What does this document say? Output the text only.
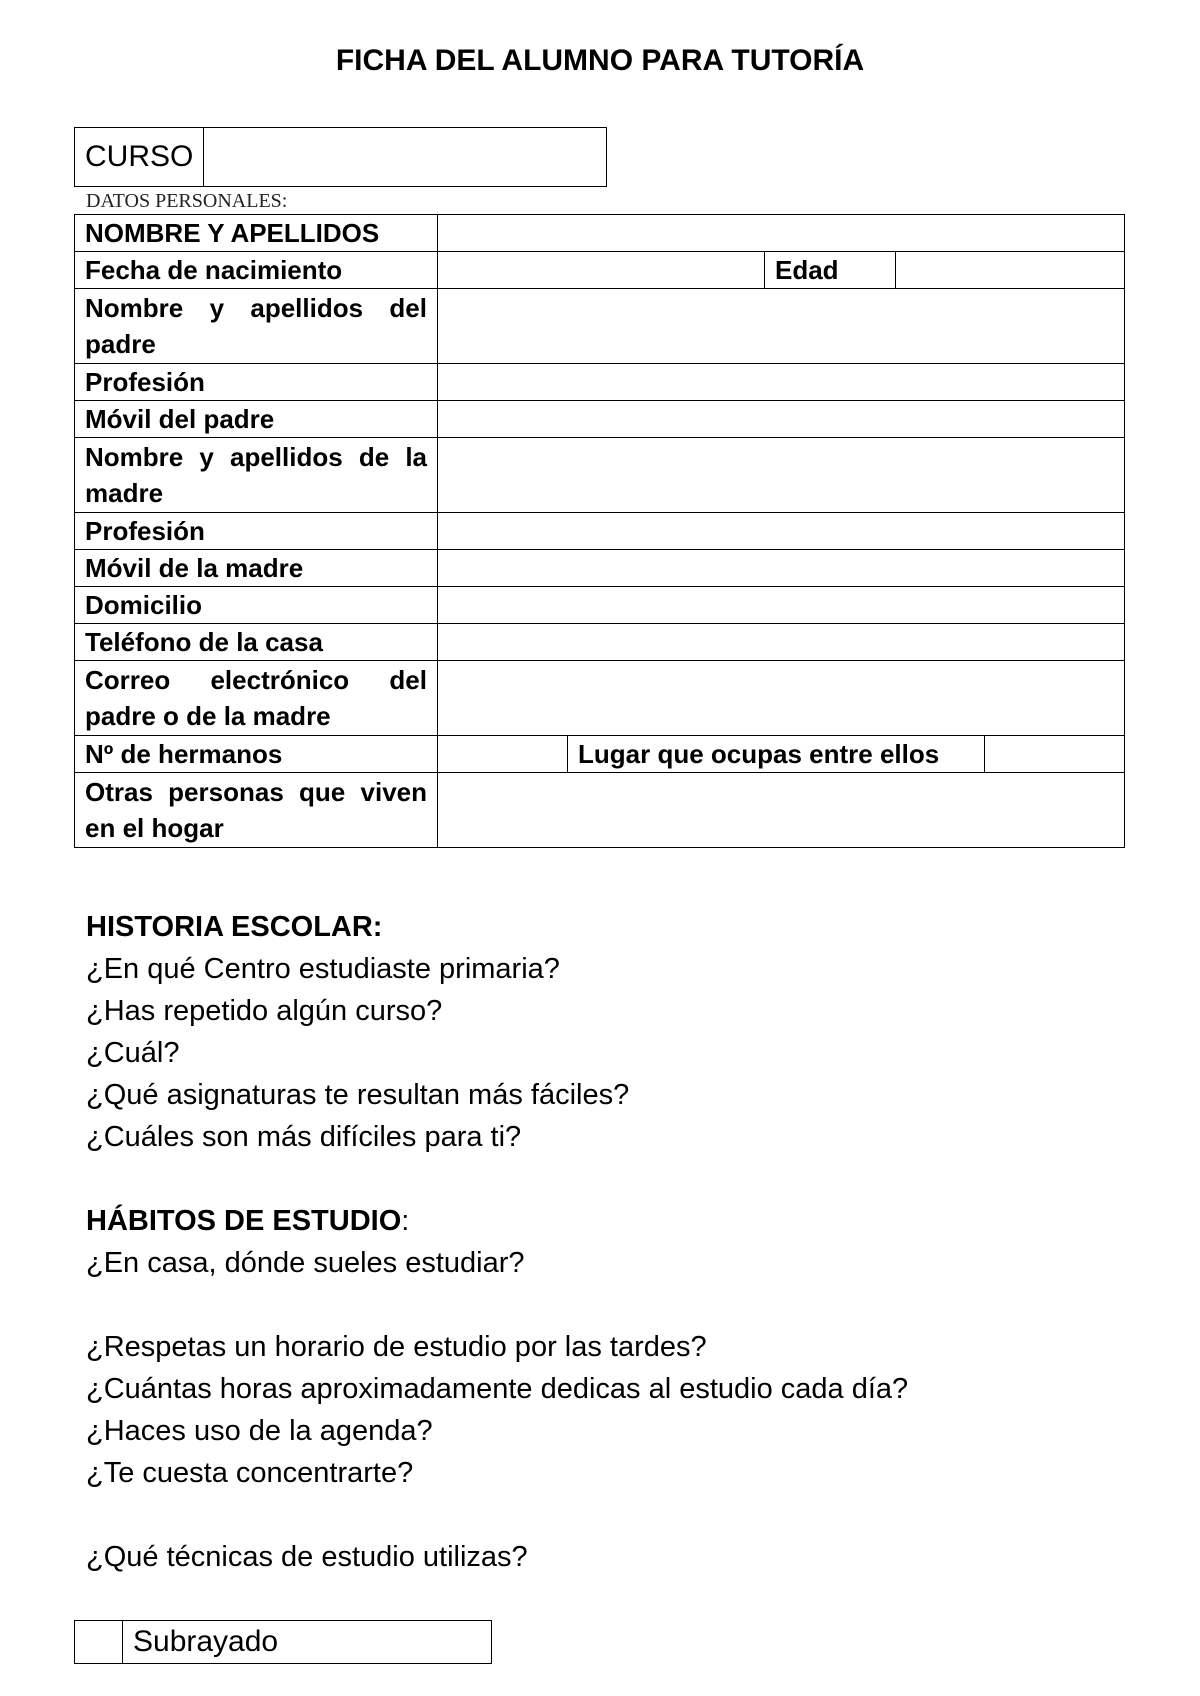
FICHA DEL ALUMNO PARA TUTORÍA
CURSO	
DATOS PERSONALES:
NOMBRE Y APELLIDOS					
Fecha de nacimiento			Edad		
Nombre y apellidos del padre					
Profesión					
Móvil del padre					
Nombre y apellidos de la madre					
Profesión					
Móvil de la madre					
Domicilio					
Teléfono de la casa					
Correo electrónico del padre o de la madre					
Nº de hermanos		Lugar que ocupas entre ellos			
Otras personas que viven en el hogar					
HISTORIA ESCOLAR:
¿En qué Centro estudiaste primaria?
¿Has repetido algún curso?
¿Cuál?
¿Qué asignaturas te resultan más fáciles?
¿Cuáles son más difíciles para ti?
HÁBITOS DE ESTUDIO:
¿En casa, dónde sueles estudiar?

¿Respetas un horario de estudio por las tardes?
¿Cuántas horas aproximadamente dedicas al estudio cada día?
¿Haces uso de la agenda?
¿Te cuesta concentrarte?

¿Qué técnicas de estudio utilizas?
	Subrayado
